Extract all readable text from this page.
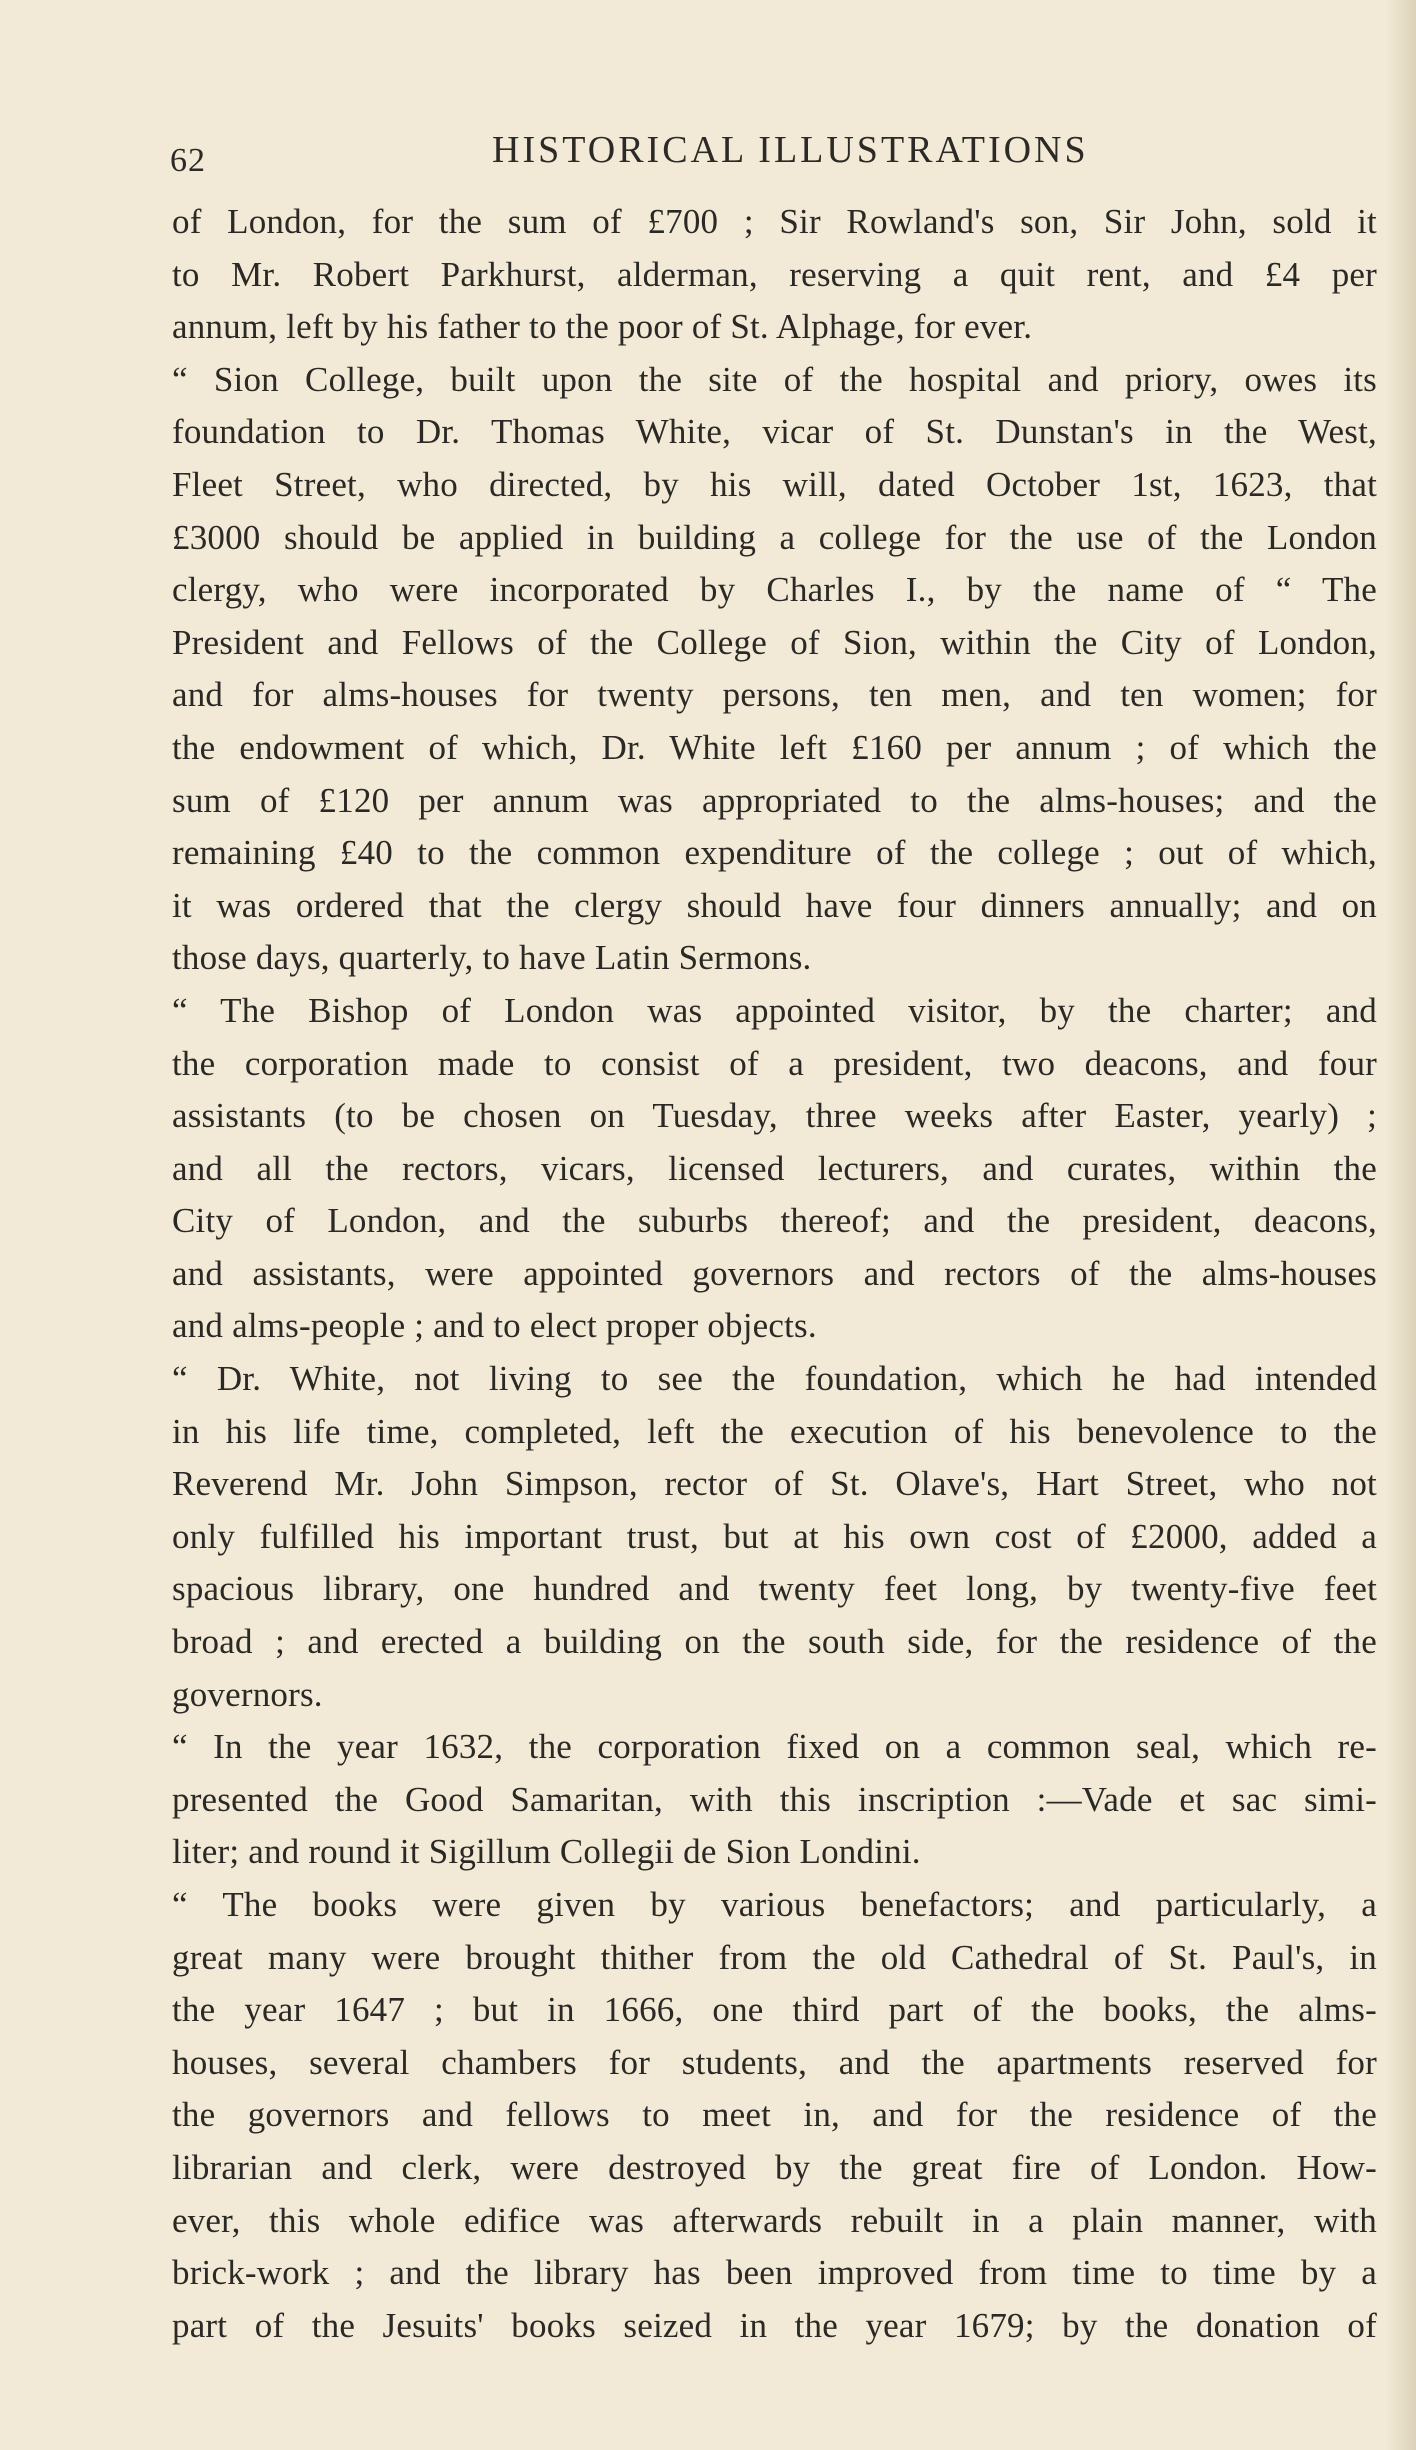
62	HISTORICAL ILLUSTRATIONS
of London, for the sum of £700 ; Sir Rowland's son, Sir John, sold it
to Mr. Robert Parkhurst, alderman, reserving a quit rent, and £4 per
annum, left by his father to the poor of St. Alphage, for ever.
“ Sion College, built upon the site of the hospital and priory, owes its
foundation to Dr. Thomas White, vicar of St. Dunstan's in the West,
Fleet Street, who directed, by his will, dated October 1st, 1623, that
£3000 should be applied in building a college for the use of the London
clergy, who were incorporated by Charles I., by the name of “ The
President and Fellows of the College of Sion, within the City of London,
and for alms-houses for twenty persons, ten men, and ten women; for
the endowment of which, Dr. White left £160 per annum ; of which the
sum of £120 per annum was appropriated to the alms-houses; and the
remaining £40 to the common expenditure of the college ; out of which,
it was ordered that the clergy should have four dinners annually; and on
those days, quarterly, to have Latin Sermons.
“ The Bishop of London was appointed visitor, by the charter; and
the corporation made to consist of a president, two deacons, and four
assistants (to be chosen on Tuesday, three weeks after Easter, yearly) ;
and all the rectors, vicars, licensed lecturers, and curates, within the
City of London, and the suburbs thereof; and the president, deacons,
and assistants, were appointed governors and rectors of the alms-houses
and alms-people ; and to elect proper objects.
“ Dr. White, not living to see the foundation, which he had intended
in his life time, completed, left the execution of his benevolence to the
Reverend Mr. John Simpson, rector of St. Olave's, Hart Street, who not
only fulfilled his important trust, but at his own cost of £2000, added a
spacious library, one hundred and twenty feet long, by twenty-five feet
broad ; and erected a building on the south side, for the residence of the
governors.
“ In the year 1632, the corporation fixed on a common seal, which re-
presented the Good Samaritan, with this inscription :—Vade et sac simi-
liter; and round it Sigillum Collegii de Sion Londini.
“ The books were given by various benefactors; and particularly, a
great many were brought thither from the old Cathedral of St. Paul's, in
the year 1647 ; but in 1666, one third part of the books, the alms-
houses, several chambers for students, and the apartments reserved for
the governors and fellows to meet in, and for the residence of the
librarian and clerk, were destroyed by the great fire of London. How-
ever, this whole edifice was afterwards rebuilt in a plain manner, with
brick-work ; and the library has been improved from time to time by a
part of the Jesuits' books seized in the year 1679; by the donation of
